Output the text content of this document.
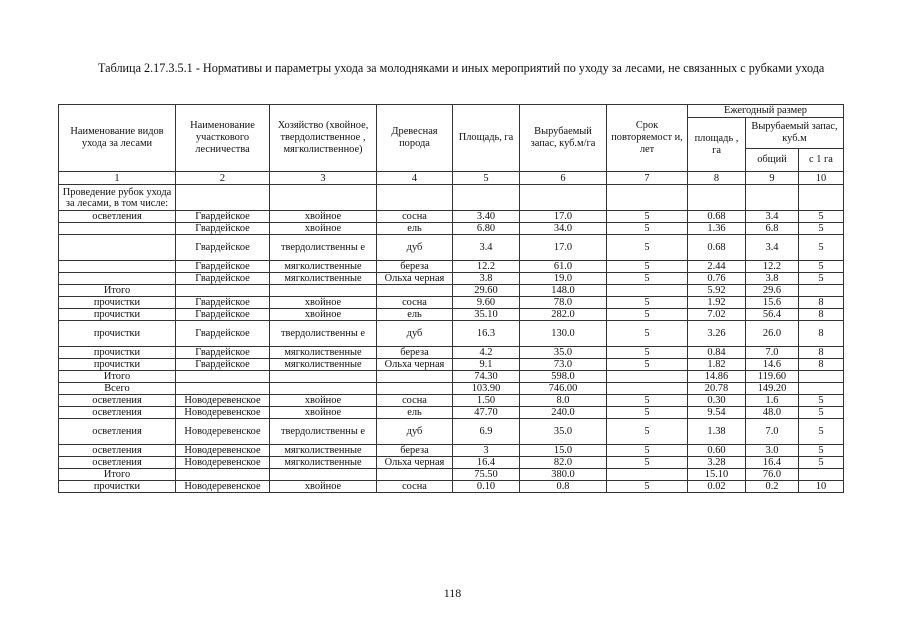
Таблица 2.17.3.5.1 - Нормативы и параметры ухода за молодняками и иных мероприятий по уходу за лесами, не связанных с рубками ухода
Наименование видов ухода за лесами	Наименование участкового лесничества	Хозяйство (хвойное, твердолиственное , мягколиственное)	Древесная порода	Площадь, га	Вырубаемый запас, куб.м/га	Срок повторяемост и, лет	Ежегодный размер		
							площадь , га	Вырубаемый запас, куб.м	
								общий	с 1 га
1	2	3	4	5	6	7	8	9	10
Проведение рубок ухода за лесами, в том числе:									
осветления	Гвардейское	хвойное	сосна	3.40	17.0	5	0.68	3.4	5
	Гвардейское	хвойное	ель	6.80	34.0	5	1.36	6.8	5
	Гвардейское	твердолиственны е	дуб	3.4	17.0	5	0.68	3.4	5
	Гвардейское	мягколиственные	береза	12.2	61.0	5	2.44	12.2	5
	Гвардейское	мягколиственные	Ольха черная	3.8	19.0	5	0.76	3.8	5
Итого				29.60	148.0		5.92	29.6	
прочистки	Гвардейское	хвойное	сосна	9.60	78.0	5	1.92	15.6	8
прочистки	Гвардейское	хвойное	ель	35.10	282.0	5	7.02	56.4	8
прочистки	Гвардейское	твердолиственны е	дуб	16.3	130.0	5	3.26	26.0	8
прочистки	Гвардейское	мягколиственные	береза	4.2	35.0	5	0.84	7.0	8
прочистки	Гвардейское	мягколиственные	Ольха черная	9.1	73.0	5	1.82	14.6	8
Итого				74.30	598.0		14.86	119.60	
Всего				103.90	746.00		20.78	149.20	
осветления	Новодеревенское	хвойное	сосна	1.50	8.0	5	0.30	1.6	5
осветления	Новодеревенское	хвойное	ель	47.70	240.0	5	9.54	48.0	5
осветления	Новодеревенское	твердолиственны е	дуб	6.9	35.0	5	1.38	7.0	5
осветления	Новодеревенское	мягколиственные	береза	3	15.0	5	0.60	3.0	5
осветления	Новодеревенское	мягколиственные	Ольха черная	16.4	82.0	5	3.28	16.4	5
Итого				75.50	380.0		15.10	76.0	
прочистки	Новодеревенское	хвойное	сосна	0.10	0.8	5	0.02	0.2	10
118
